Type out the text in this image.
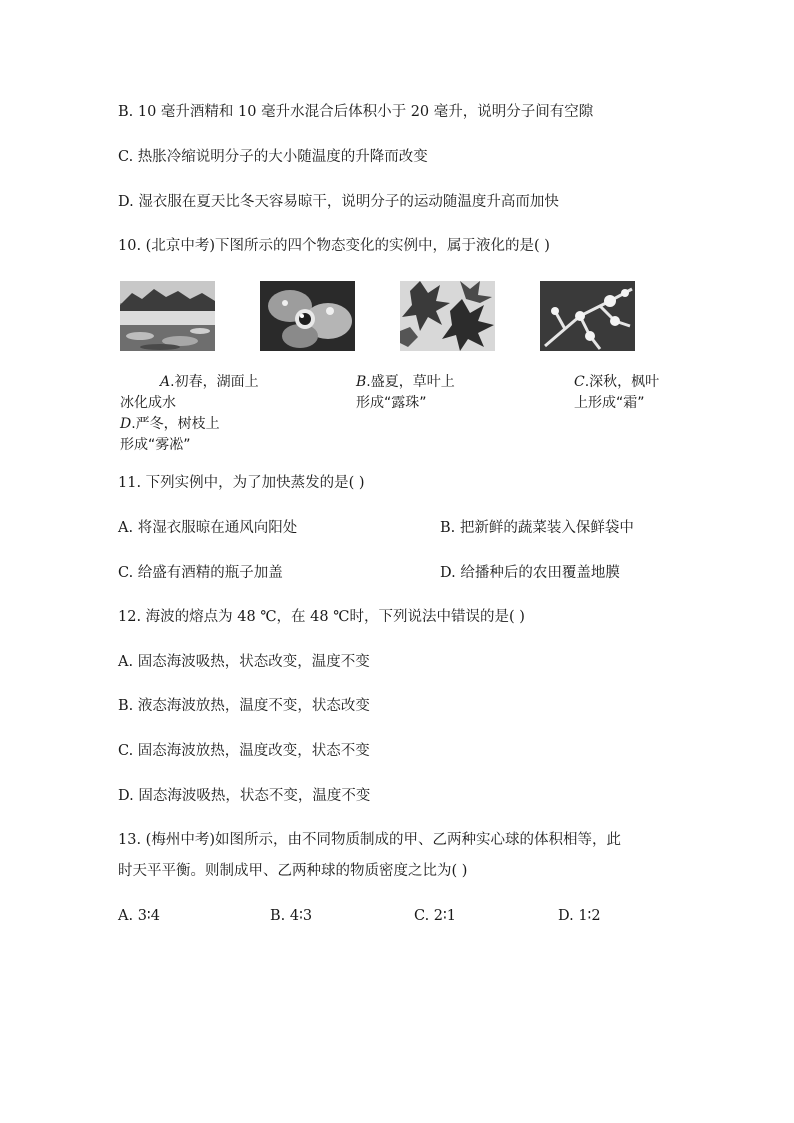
B. 10 毫升酒精和 10 毫升水混合后体积小于 20 毫升，说明分子间有空隙
C. 热胀冷缩说明分子的大小随温度的升降而改变
D. 湿衣服在夏天比冬天容易晾干，说明分子的运动随温度升高而加快
10. (北京中考)下图所示的四个物态变化的实例中，属于液化的是( )
A.初春，湖面上
冰化成水
B.盛夏，草叶上
形成“露珠”
C.深秋，枫叶
上形成“霜”
D.严冬，树枝上
形成“雾凇”
11. 下列实例中，为了加快蒸发的是( )
A. 将湿衣服晾在通风向阳处	B. 把新鲜的蔬菜装入保鲜袋中
C. 给盛有酒精的瓶子加盖	D. 给播种后的农田覆盖地膜
12. 海波的熔点为 48 ℃，在 48 ℃时，下列说法中错误的是( )
A. 固态海波吸热，状态改变，温度不变
B. 液态海波放热，温度不变，状态改变
C. 固态海波放热，温度改变，状态不变
D. 固态海波吸热，状态不变，温度不变
13. (梅州中考)如图所示，由不同物质制成的甲、乙两种实心球的体积相等，此
时天平平衡。则制成甲、乙两种球的物质密度之比为( )
A. 3∶4	B. 4∶3	C. 2∶1	D. 1∶2
